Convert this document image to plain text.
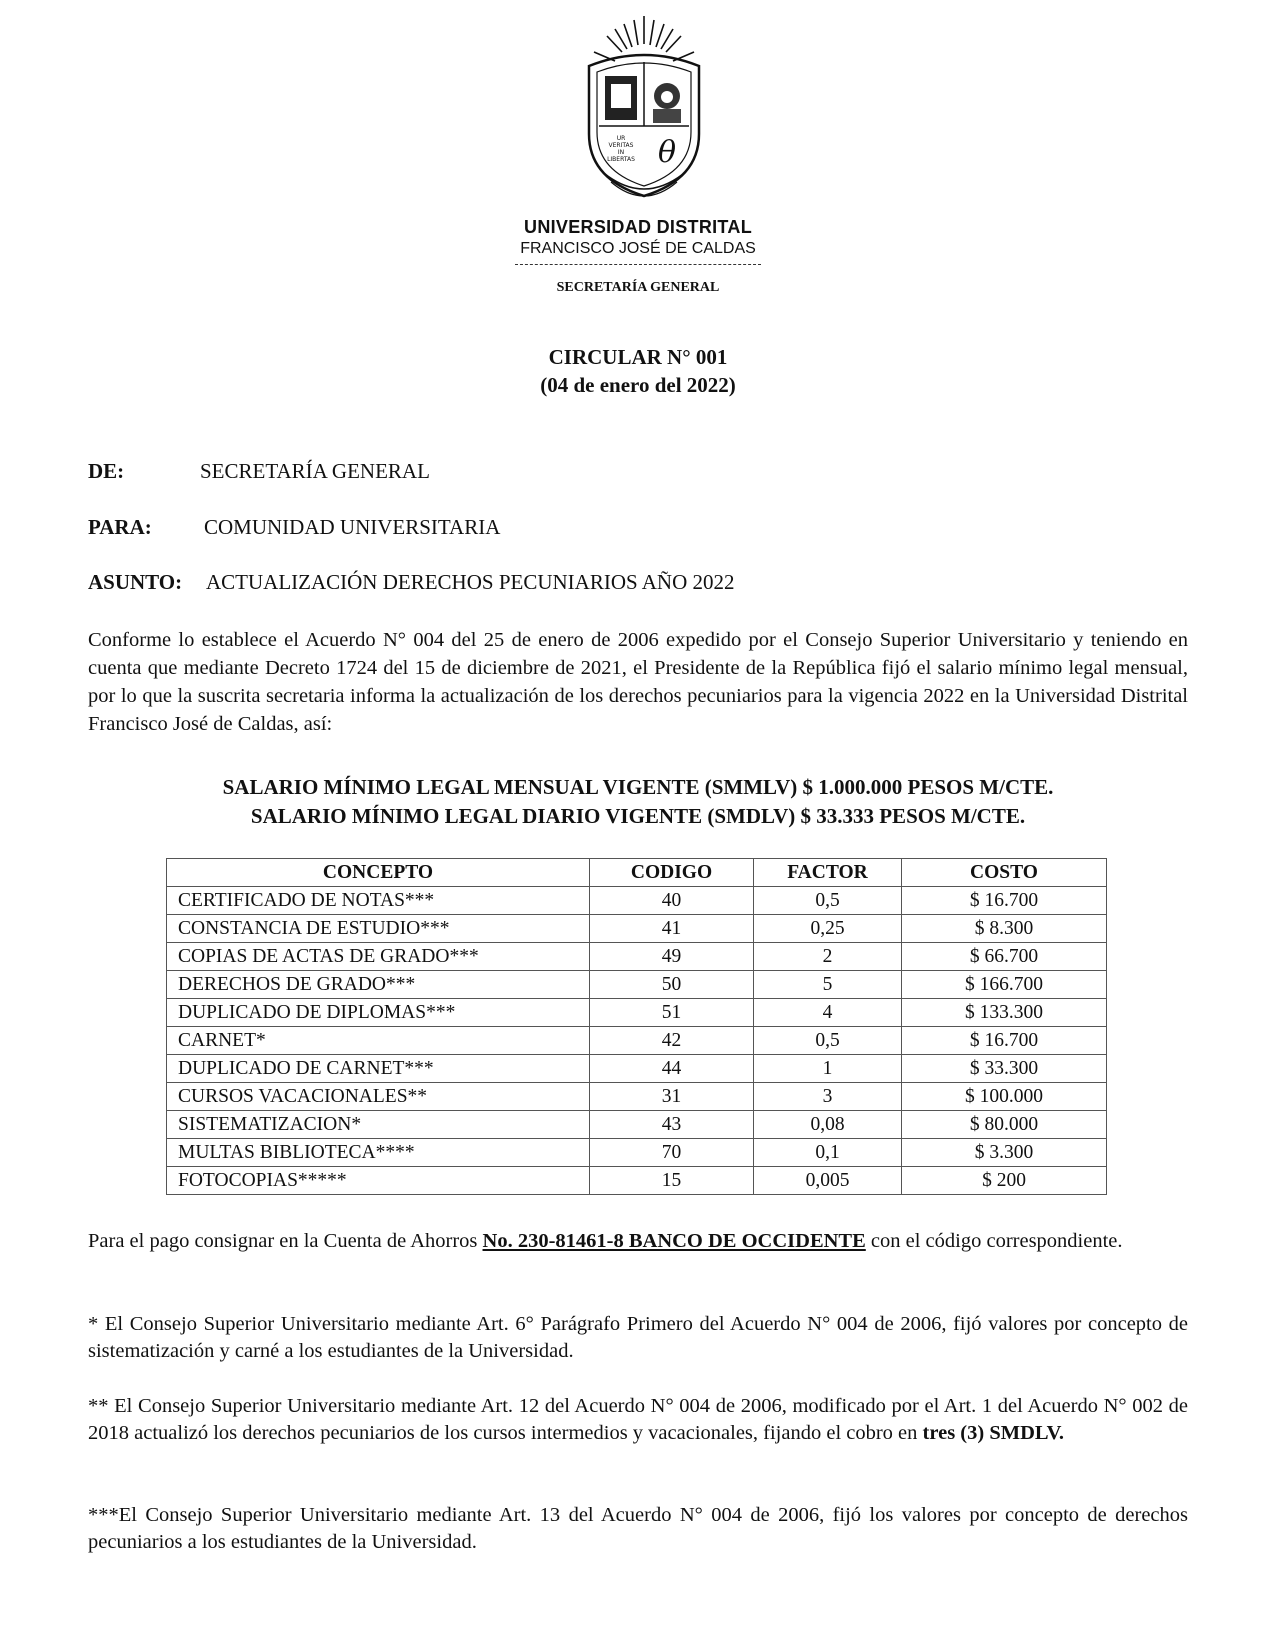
UR
VERITAS
IN
LIBERTAS θ
UNIVERSIDAD DISTRITAL
FRANCISCO JOSÉ DE CALDAS
SECRETARÍA GENERAL
CIRCULAR N° 001
(04 de enero del 2022)
DE:	SECRETARÍA GENERAL
PARA: COMUNIDAD UNIVERSITARIA
ASUNTO: ACTUALIZACIÓN DERECHOS PECUNIARIOS AÑO 2022
Conforme lo establece el Acuerdo N° 004 del 25 de enero de 2006 expedido por el Consejo Superior Universitario y teniendo en cuenta que mediante Decreto 1724 del 15 de diciembre de 2021, el Presidente de la República fijó el salario mínimo legal mensual, por lo que la suscrita secretaria informa la actualización de los derechos pecuniarios para la vigencia 2022 en la Universidad Distrital Francisco José de Caldas, así:
SALARIO MÍNIMO LEGAL MENSUAL VIGENTE (SMMLV) $ 1.000.000 PESOS M/CTE.
SALARIO MÍNIMO LEGAL DIARIO VIGENTE (SMDLV) $ 33.333 PESOS M/CTE.
CONCEPTO	CODIGO	FACTOR	COSTO
CERTIFICADO DE NOTAS***	40	0,5	$ 16.700
CONSTANCIA DE ESTUDIO***	41	0,25	$ 8.300
COPIAS DE ACTAS DE GRADO***	49	2	$ 66.700
DERECHOS DE GRADO***	50	5	$ 166.700
DUPLICADO DE DIPLOMAS***	51	4	$ 133.300
CARNET*	42	0,5	$ 16.700
DUPLICADO DE CARNET***	44	1	$ 33.300
CURSOS VACACIONALES**	31	3	$ 100.000
SISTEMATIZACION*	43	0,08	$ 80.000
MULTAS BIBLIOTECA****	70	0,1	$ 3.300
FOTOCOPIAS*****	15	0,005	$ 200
Para el pago consignar en la Cuenta de Ahorros No. 230-81461-8 BANCO DE OCCIDENTE con el código correspondiente.
* El Consejo Superior Universitario mediante Art. 6° Parágrafo Primero del Acuerdo N° 004 de 2006, fijó valores por concepto de sistematización y carné a los estudiantes de la Universidad.
** El Consejo Superior Universitario mediante Art. 12 del Acuerdo N° 004 de 2006, modificado por el Art. 1 del Acuerdo N° 002 de 2018 actualizó los derechos pecuniarios de los cursos intermedios y vacacionales, fijando el cobro en tres (3) SMDLV.
***El Consejo Superior Universitario mediante Art. 13 del Acuerdo N° 004 de 2006, fijó los valores por concepto de derechos pecuniarios a los estudiantes de la Universidad.
